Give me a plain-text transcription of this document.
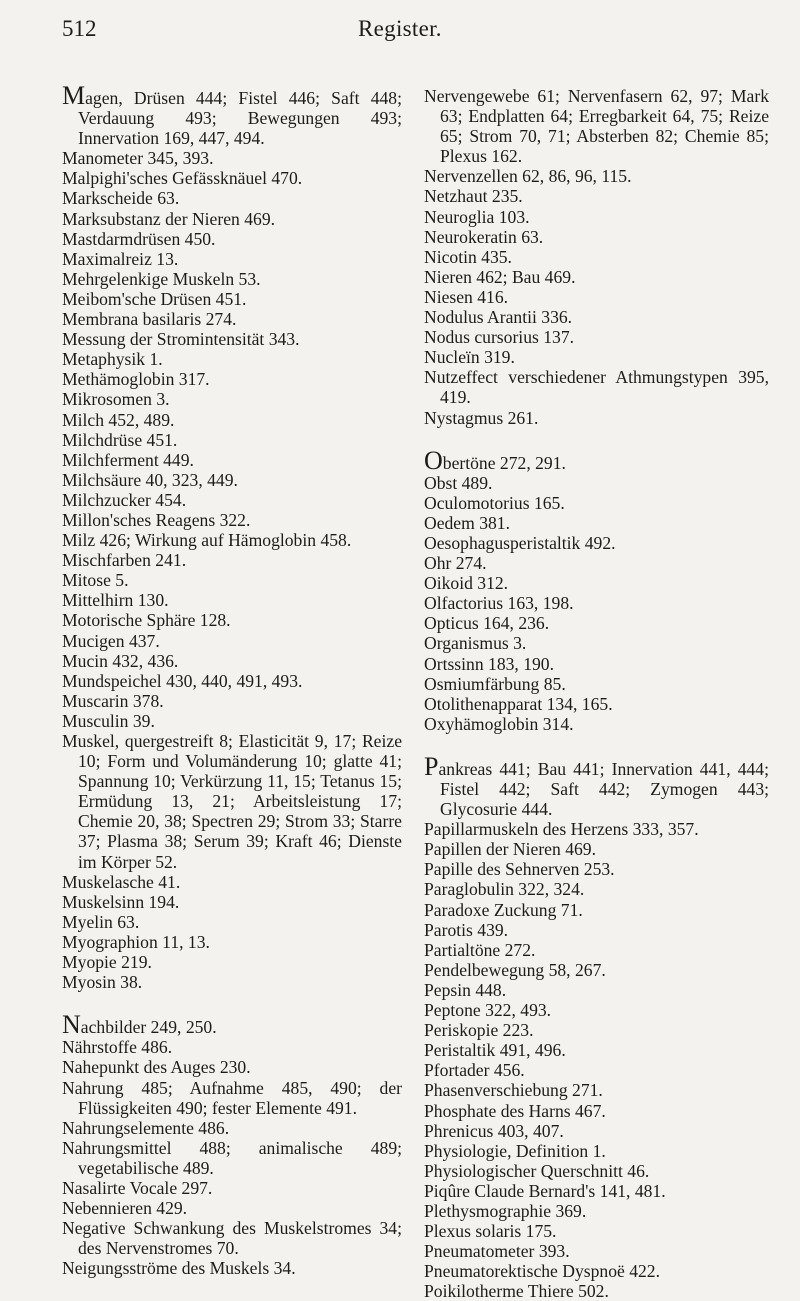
512	Register.
Magen, Drüsen 444; Fistel 446; Saft 448; Verdauung 493; Bewegungen 493; Innervation 169, 447, 494.
Manometer 345, 393.
Malpighi'sches Gefässknäuel 470.
Markscheide 63.
Marksubstanz der Nieren 469.
Mastdarmdrüsen 450.
Maximalreiz 13.
Mehrgelenkige Muskeln 53.
Meibom'sche Drüsen 451.
Membrana basilaris 274.
Messung der Stromintensität 343.
Metaphysik 1.
Methämoglobin 317.
Mikrosomen 3.
Milch 452, 489.
Milchdrüse 451.
Milchferment 449.
Milchsäure 40, 323, 449.
Milchzucker 454.
Millon'sches Reagens 322.
Milz 426; Wirkung auf Hämoglobin 458.
Mischfarben 241.
Mitose 5.
Mittelhirn 130.
Motorische Sphäre 128.
Mucigen 437.
Mucin 432, 436.
Mundspeichel 430, 440, 491, 493.
Muscarin 378.
Musculin 39.
Muskel, quergestreift 8; Elasticität 9, 17; Reize 10; Form und Volumänderung 10; glatte 41; Spannung 10; Verkürzung 11, 15; Tetanus 15; Ermüdung 13, 21; Arbeitsleistung 17; Chemie 20, 38; Spectren 29; Strom 33; Starre 37; Plasma 38; Serum 39; Kraft 46; Dienste im Körper 52.
Muskelasche 41.
Muskelsinn 194.
Myelin 63.
Myographion 11, 13.
Myopie 219.
Myosin 38.
Nachbilder 249, 250.
Nährstoffe 486.
Nahepunkt des Auges 230.
Nahrung 485; Aufnahme 485, 490; der Flüssigkeiten 490; fester Elemente 491.
Nahrungselemente 486.
Nahrungsmittel 488; animalische 489; vegetabilische 489.
Nasalirte Vocale 297.
Nebennieren 429.
Negative Schwankung des Muskelstromes 34; des Nervenstromes 70.
Neigungsströme des Muskels 34.
Nervengewebe 61; Nervenfasern 62, 97; Mark 63; Endplatten 64; Erregbarkeit 64, 75; Reize 65; Strom 70, 71; Absterben 82; Chemie 85; Plexus 162.
Nervenzellen 62, 86, 96, 115.
Netzhaut 235.
Neuroglia 103.
Neurokeratin 63.
Nicotin 435.
Nieren 462; Bau 469.
Niesen 416.
Nodulus Arantii 336.
Nodus cursorius 137.
Nucleïn 319.
Nutzeffect verschiedener Athmungstypen 395, 419.
Nystagmus 261.
Obertöne 272, 291.
Obst 489.
Oculomotorius 165.
Oedem 381.
Oesophagusperistaltik 492.
Ohr 274.
Oikoid 312.
Olfactorius 163, 198.
Opticus 164, 236.
Organismus 3.
Ortssinn 183, 190.
Osmiumfärbung 85.
Otolithenapparat 134, 165.
Oxyhämoglobin 314.
Pankreas 441; Bau 441; Innervation 441, 444; Fistel 442; Saft 442; Zymogen 443; Glycosurie 444.
Papillarmuskeln des Herzens 333, 357.
Papillen der Nieren 469.
Papille des Sehnerven 253.
Paraglobulin 322, 324.
Paradoxe Zuckung 71.
Parotis 439.
Partialtöne 272.
Pendelbewegung 58, 267.
Pepsin 448.
Peptone 322, 493.
Periskopie 223.
Peristaltik 491, 496.
Pfortader 456.
Phasenverschiebung 271.
Phosphate des Harns 467.
Phrenicus 403, 407.
Physiologie, Definition 1.
Physiologischer Querschnitt 46.
Piqûre Claude Bernard's 141, 481.
Plethysmographie 369.
Plexus solaris 175.
Pneumatometer 393.
Pneumatorektische Dyspnoë 422.
Poikilotherme Thiere 502.
